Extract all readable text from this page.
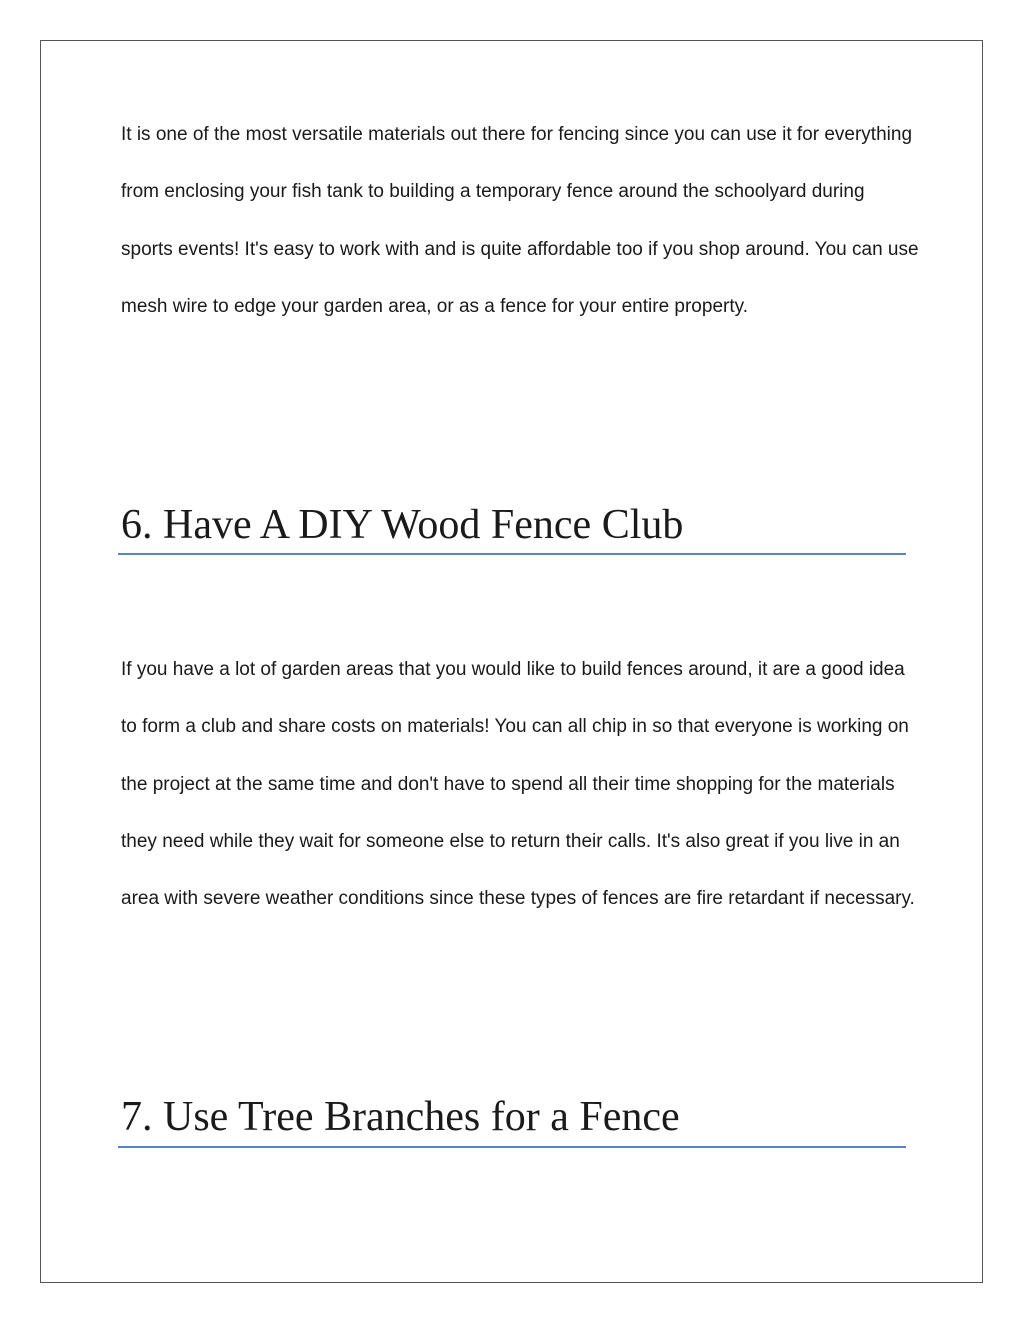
It is one of the most versatile materials out there for fencing since you can use it for everything from enclosing your fish tank to building a temporary fence around the schoolyard during sports events! It's easy to work with and is quite affordable too if you shop around. You can use mesh wire to edge your garden area, or as a fence for your entire property.

6. Have A DIY Wood Fence Club

If you have a lot of garden areas that you would like to build fences around, it are a good idea to form a club and share costs on materials! You can all chip in so that everyone is working on the project at the same time and don't have to spend all their time shopping for the materials they need while they wait for someone else to return their calls. It's also great if you live in an area with severe weather conditions since these types of fences are fire retardant if necessary.

7. Use Tree Branches for a Fence
